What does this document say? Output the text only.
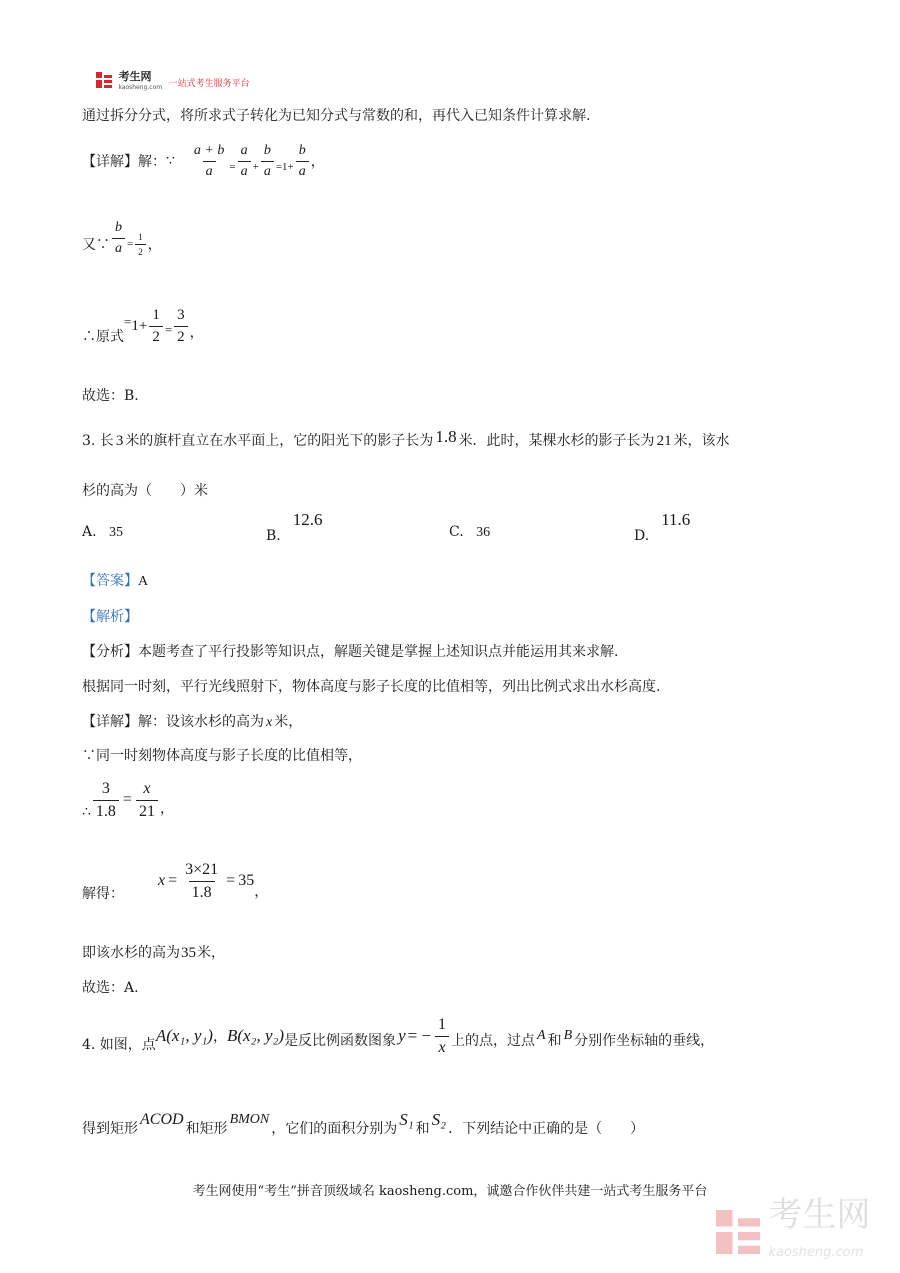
考生网
kaosheng.com 一站式考生服务平台
通过拆分分式，将所求式子转化为已知分式与常数的和，再代入已知条件计算求解.
【详解】解： ∵ $\frac{a + b}{a} = \frac{a}{a} + \frac{b}{a} =1+ \frac{b}{a}$ ，
又∵ $\frac{b}{a} = \frac{1}{2}$ ，
∴原式
= $1+ \frac{1}{2} = \frac{3}{2}$ ，
故选：B.
3. 长 3 米的旗杆直立在水平面上，它的阳光下的影子长为 1.8 米．此时，某棵水杉的影子长为 21 米，该水
杉的高为（　　）米
A. 35	B.
12.6
C. 36	D.
11.6
【答案】A
【解析】
【分析】本题考查了平行投影等知识点，解题关键是掌握上述知识点并能运用其来求解.
根据同一时刻，平行光线照射下，物体高度与影子长度的比值相等，列出比例式求出水杉高度.
【详解】解：设该水杉的高为 x 米，
∵同一时刻物体高度与影子长度的比值相等，
∴ $\frac{3}{1.8} = \frac{x}{21}$ ，
解得：
$x = \frac{3\times 21}{1.8} = 35$
，
即该水杉的高为35米，
故选：A.
4. 如图，点 A (x₁, y₁) ， B (x₂, y₂) 是反比例函数图象 y = − $\frac{1}{x}$ 上的点，过点 A 和 B 分别作坐标轴的垂线，
得到矩形
ACOD
和矩形
BMON
，它们的面积分别为 S₁ 和 S₂ ．下列结论中正确的是（　　）
考生网使用“考生”拼音顶级域名 kaosheng.com，诚邀合作伙伴共建一站式考生服务平台
考生网
kaosheng.com
